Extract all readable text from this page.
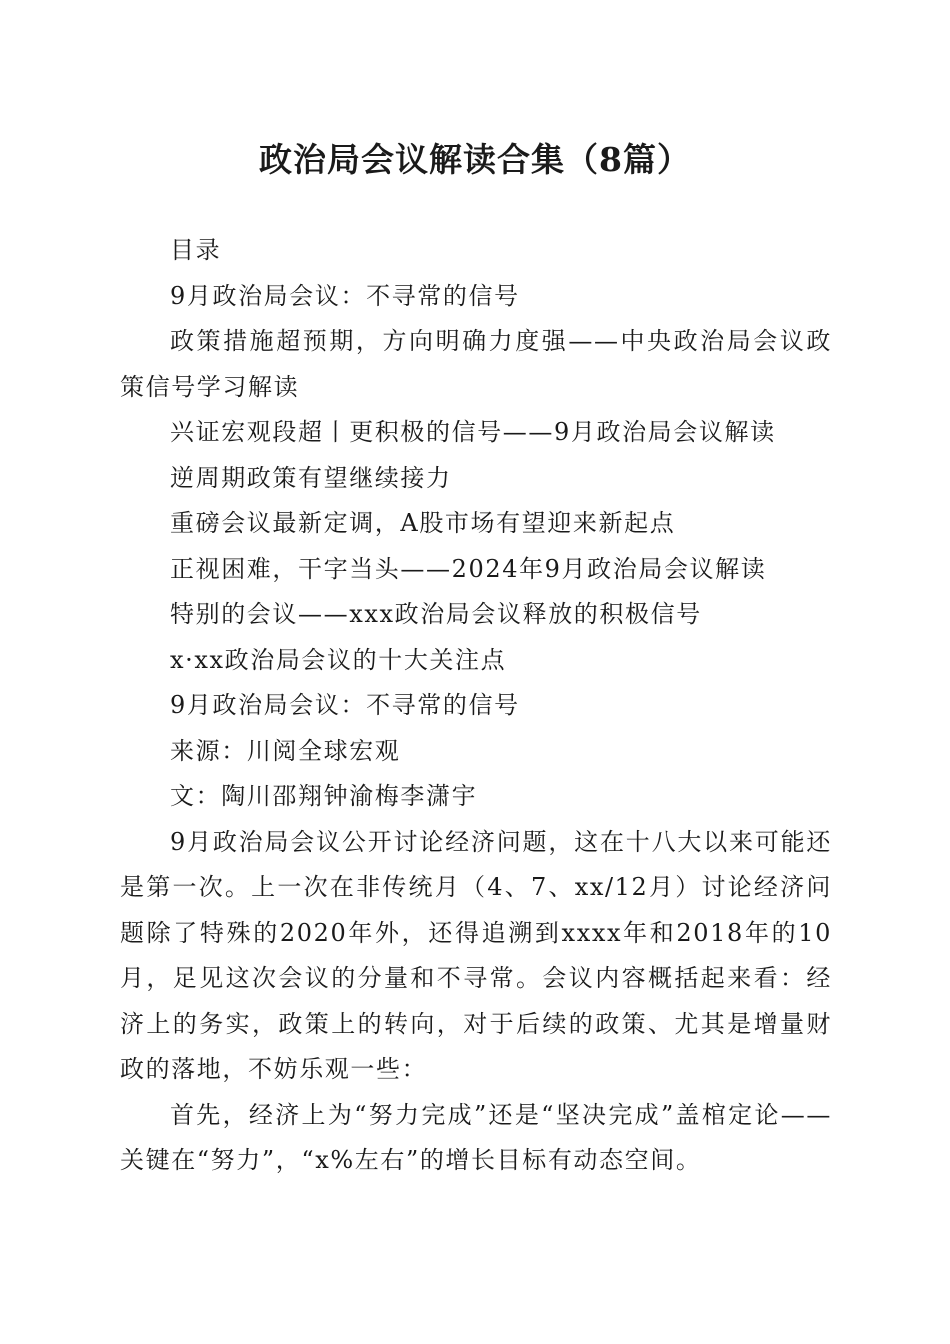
政治局会议解读合集（8篇）

目录

9月政治局会议：不寻常的信号

政策措施超预期，方向明确力度强——中央政治局会议政策信号学习解读

兴证宏观段超丨更积极的信号——9月政治局会议解读

逆周期政策有望继续接力

重磅会议最新定调，A股市场有望迎来新起点

正视困难，干字当头——2024年9月政治局会议解读

特别的会议——xxx政治局会议释放的积极信号

x·xx政治局会议的十大关注点

9月政治局会议：不寻常的信号

来源：川阅全球宏观

文：陶川邵翔钟渝梅李潇宇

9月政治局会议公开讨论经济问题，这在十八大以来可能还是第一次。上一次在非传统月（4、7、xx/12月）讨论经济问题除了特殊的2020年外，还得追溯到xxxx年和2018年的10月，足见这次会议的分量和不寻常。会议内容概括起来看：经济上的务实，政策上的转向，对于后续的政策、尤其是增量财政的落地，不妨乐观一些：

首先，经济上为“努力完成”还是“坚决完成”盖棺定论——关键在“努力”，“x%左右”的增长目标有动态空间。
